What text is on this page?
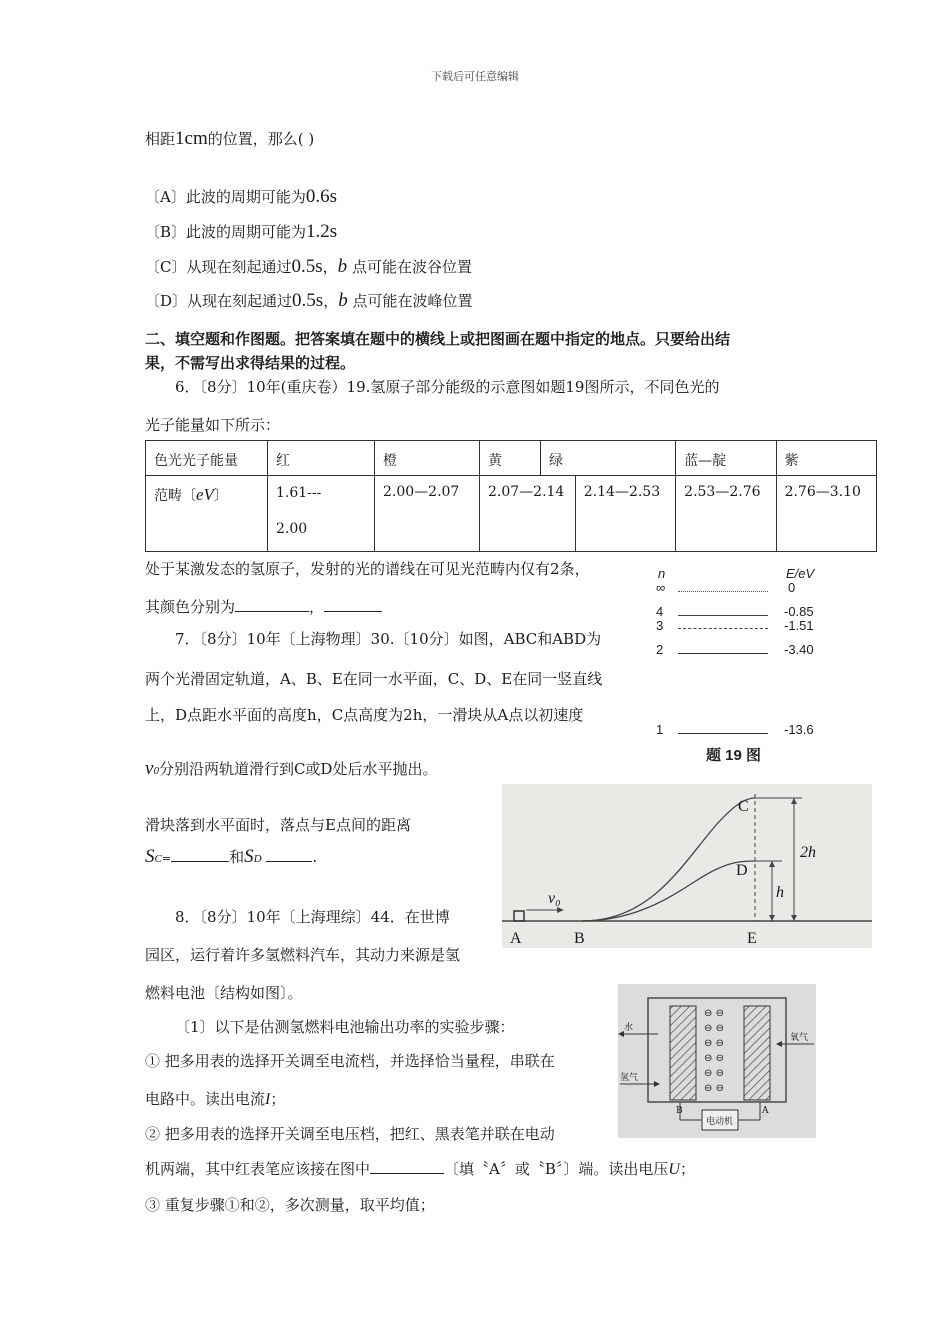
下载后可任意编辑
相距1cm的位置，那么( )
〔A〕此波的周期可能为0.6s
〔B〕此波的周期可能为1.2s
〔C〕从现在刻起通过0.5s，b 点可能在波谷位置
〔D〕从现在刻起通过0.5s，b 点可能在波峰位置
二、填空题和作图题。把答案填在题中的横线上或把图画在题中指定的地点。只要给出结
果，不需写出求得结果的过程。
6．〔8分〕10年(重庆卷）19.氢原子部分能级的示意图如题19图所示，不同色光的
光子能量如下所示：
色光光子能量	红	橙	黄	绿		蓝—靛	紫
范畴〔eV〕	1.61---
2.00	2.00—2.07	2.07—2.14		2.14—2.53	2.53—2.76	2.76—3.10
处于某激发态的氢原子，发射的光的谱线在可见光范畴内仅有2条，
其颜色分别为	，
n	E/eV
∞	0
4	-0.85
3	-1.51
2	-3.40
1	-13.6
题 19 图
7．〔8分〕10年〔上海物理〕30.〔10分〕如图，ABC和ABD为
两个光滑固定轨道，A、B、E在同一水平面，C、D、E在同一竖直线
上，D点距水平面的高度h，C点高度为2h，一滑块从A点以初速度
v0分别沿两轨道滑行到C或D处后水平抛出。
滑块落到水平面时，落点与E点间的距离
SC=	和SD	.
v₀
A	B	E
C
D
2h
h
8．〔8分〕10年〔上海理综〕44．在世博
园区，运行着许多氢燃料汽车，其动力来源是氢
燃料电池〔结构如图〕。
〔1〕以下是估测氢燃料电池输出功率的实验步骤：
① 把多用表的选择开关调至电流档，并选择恰当量程，串联在
电路中。读出电流I；
② 把多用表的选择开关调至电压档，把红、黑表笔并联在电动
机两端，其中红表笔应该接在图中	〔填〝A〞或〝B〞〕端。读出电压U；
③ 重复步骤①和②，多次测量，取平均值；
水
氢气
氧气
电动机
B	A
⊖ ⊖
⊖ ⊖
⊖ ⊖
⊖ ⊖
⊖ ⊖
⊖ ⊖
